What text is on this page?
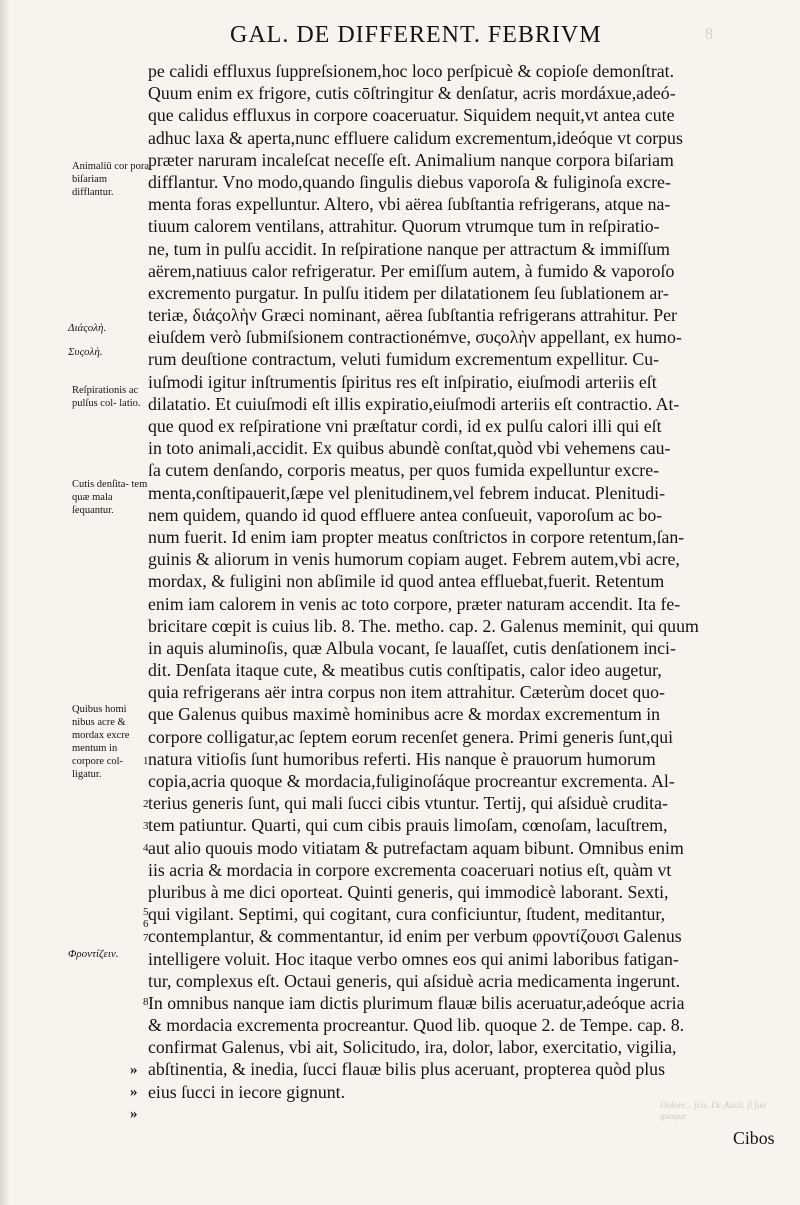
GAL. DE DIFFERENT. FEBRIVM	8
pe calidi effluxus ſuppreſsionem,hoc loco perſpicuè & copioſe demonſtrat.
Quum enim ex frigore, cutis cōſtringitur & denſatur, acris mordáxue,adeó-
que calidus effluxus in corpore coaceruatur. Siquidem nequit,vt antea cute
adhuc laxa & aperta,nunc effluere calidum excrementum,ideóque vt corpus
præter naruram incaleſcat neceſſe eſt. Animalium nanque corpora biſariam
difflantur. Vno modo,quando ſingulis diebus vaporoſa & fuliginoſa excre-
menta foras expelluntur. Altero, vbi aërea ſubſtantia refrigerans, atque na-
tiuum calorem ventilans, attrahitur. Quorum vtrumque tum in reſpiratio-
ne, tum in pulſu accidit. In reſpiratione nanque per attractum & immiſſum
aërem,natiuus calor refrigeratur. Per emiſſum autem, à fumido & vaporoſo
excremento purgatur. In pulſu itidem per dilatationem ſeu ſublationem ar-
teriæ, διάςολὴν Græci nominant, aërea ſubſtantia refrigerans attrahitur. Per
eiuſdem verò ſubmiſsionem contractionémve, συςολὴν appellant, ex humo-
rum deuſtione contractum, veluti fumidum excrementum expellitur. Cu-
iuſmodi igitur inſtrumentis ſpiritus res eſt inſpiratio, eiuſmodi arteriis eſt
dilatatio. Et cuiuſmodi eſt illis expiratio,eiuſmodi arteriis eſt contractio. At-
que quod ex reſpiratione vni præſtatur cordi, id ex pulſu calori illi qui eſt
in toto animali,accidit. Ex quibus abundè conſtat,quòd vbi vehemens cau-
ſa cutem denſando, corporis meatus, per quos fumida expelluntur excre-
menta,conſtipauerit,ſæpe vel plenitudinem,vel febrem inducat. Plenitudi-
nem quidem, quando id quod effluere antea conſueuit, vaporoſum ac bo-
num fuerit. Id enim iam propter meatus conſtrictos in corpore retentum,ſan-
guinis & aliorum in venis humorum copiam auget. Febrem autem,vbi acre,
mordax, & fuligini non abſimile id quod antea effluebat,fuerit. Retentum
enim iam calorem in venis ac toto corpore, præter naturam accendit. Ita fe-
bricitare cœpit is cuius lib. 8. The. metho. cap. 2. Galenus meminit, qui quum
in aquis aluminoſis, quæ Albula vocant, ſe lauaſſet, cutis denſationem inci-
dit. Denſata itaque cute, & meatibus cutis conſtipatis, calor ideo augetur,
quia refrigerans aër intra corpus non item attrahitur. Cæterùm docet quo-
que Galenus quibus maximè hominibus acre & mordax excrementum in
corpore colligatur,ac ſeptem eorum recenſet genera. Primi generis ſunt,qui
natura vitioſis ſunt humoribus referti. His nanque è prauorum humorum
copia,acria quoque & mordacia,fuliginoſáque procreantur excrementa. Al-
terius generis ſunt, qui mali ſucci cibis vtuntur. Tertij, qui aſsiduè crudita-
tem patiuntur. Quarti, qui cum cibis prauis limoſam, cœnoſam, lacuſtrem,
aut alio quouis modo vitiatam & putrefactam aquam bibunt. Omnibus enim
iis acria & mordacia in corpore excrementa coaceruari notius eſt, quàm vt
pluribus à me dici oporteat. Quinti generis, qui immodicè laborant. Sexti,
qui vigilant. Septimi, qui cogitant, cura conficiuntur, ſtudent, meditantur,
contemplantur, & commentantur, id enim per verbum φροντίζουσι Galenus
intelligere voluit. Hoc itaque verbo omnes eos qui animi laboribus fatigan-
tur, complexus eſt. Octaui generis, qui aſsiduè acria medicamenta ingerunt.
In omnibus nanque iam dictis plurimum flauæ bilis aceruatur,adeóque acria
& mordacia excrementa procreantur. Quod lib. quoque 2. de Tempe. cap. 8.
confirmat Galenus, vbi ait, Solicitudo, ira, dolor, labor, exercitatio, vigilia,
abſtinentia, & inedia, ſucci flauæ bilis plus aceruant, propterea quòd plus
eius ſucci in iecore gignunt.
Animaliū cor pora biſariam difflantur.
Διάςολὴ.
Συςολὴ.
Reſpirationis ac pulſus col- latio.
Cutis denſita- tem quæ mala ſequantur.
Quibus homi nibus acre & mordax excre mentum in corpore col- ligatur.
Φροντίζειν.
1
2
3
4
5
6
7
8
»
»
»
Dolore... ſcis. Dc Auxil. ſi ſua quoque
Cibos
